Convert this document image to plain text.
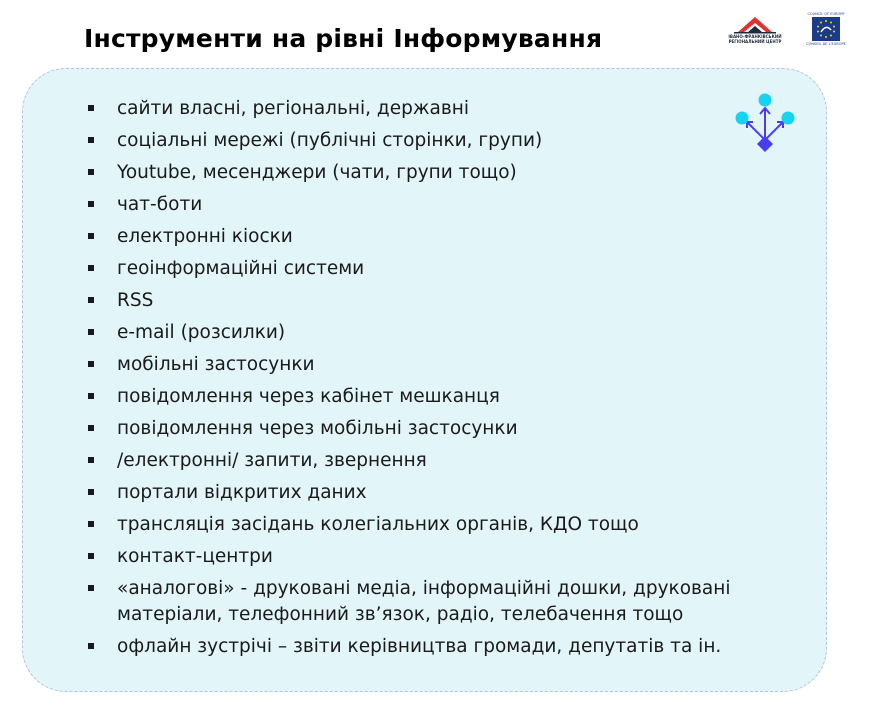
Інструменти на рівні Інформування	ІВАНО-ФРАНКІВСЬКИЙ
РЕГІОНАЛЬНИЙ ЦЕНТР
COUNCIL OF EUROPE
CONSEIL DE L'EUROPE
сайти власні, регіональні, державні
соціальні мережі (публічні сторінки, групи)
Youtube, месенджери (чати, групи тощо)
чат-боти
електронні кіоски
геоінформаційні системи
RSS
e-mail (розсилки)
мобільні застосунки
повідомлення через кабінет мешканця
повідомлення через мобільні застосунки
/електронні/ запити, звернення
портали відкритих даних
трансляція засідань колегіальних органів, КДО тощо
контакт-центри
«аналогові» - друковані медіа, інформаційні дошки, друковані матеріали, телефонний зв’язок, радіо, телебачення тощо
офлайн зустрічі – звіти керівництва громади, депутатів та ін.
